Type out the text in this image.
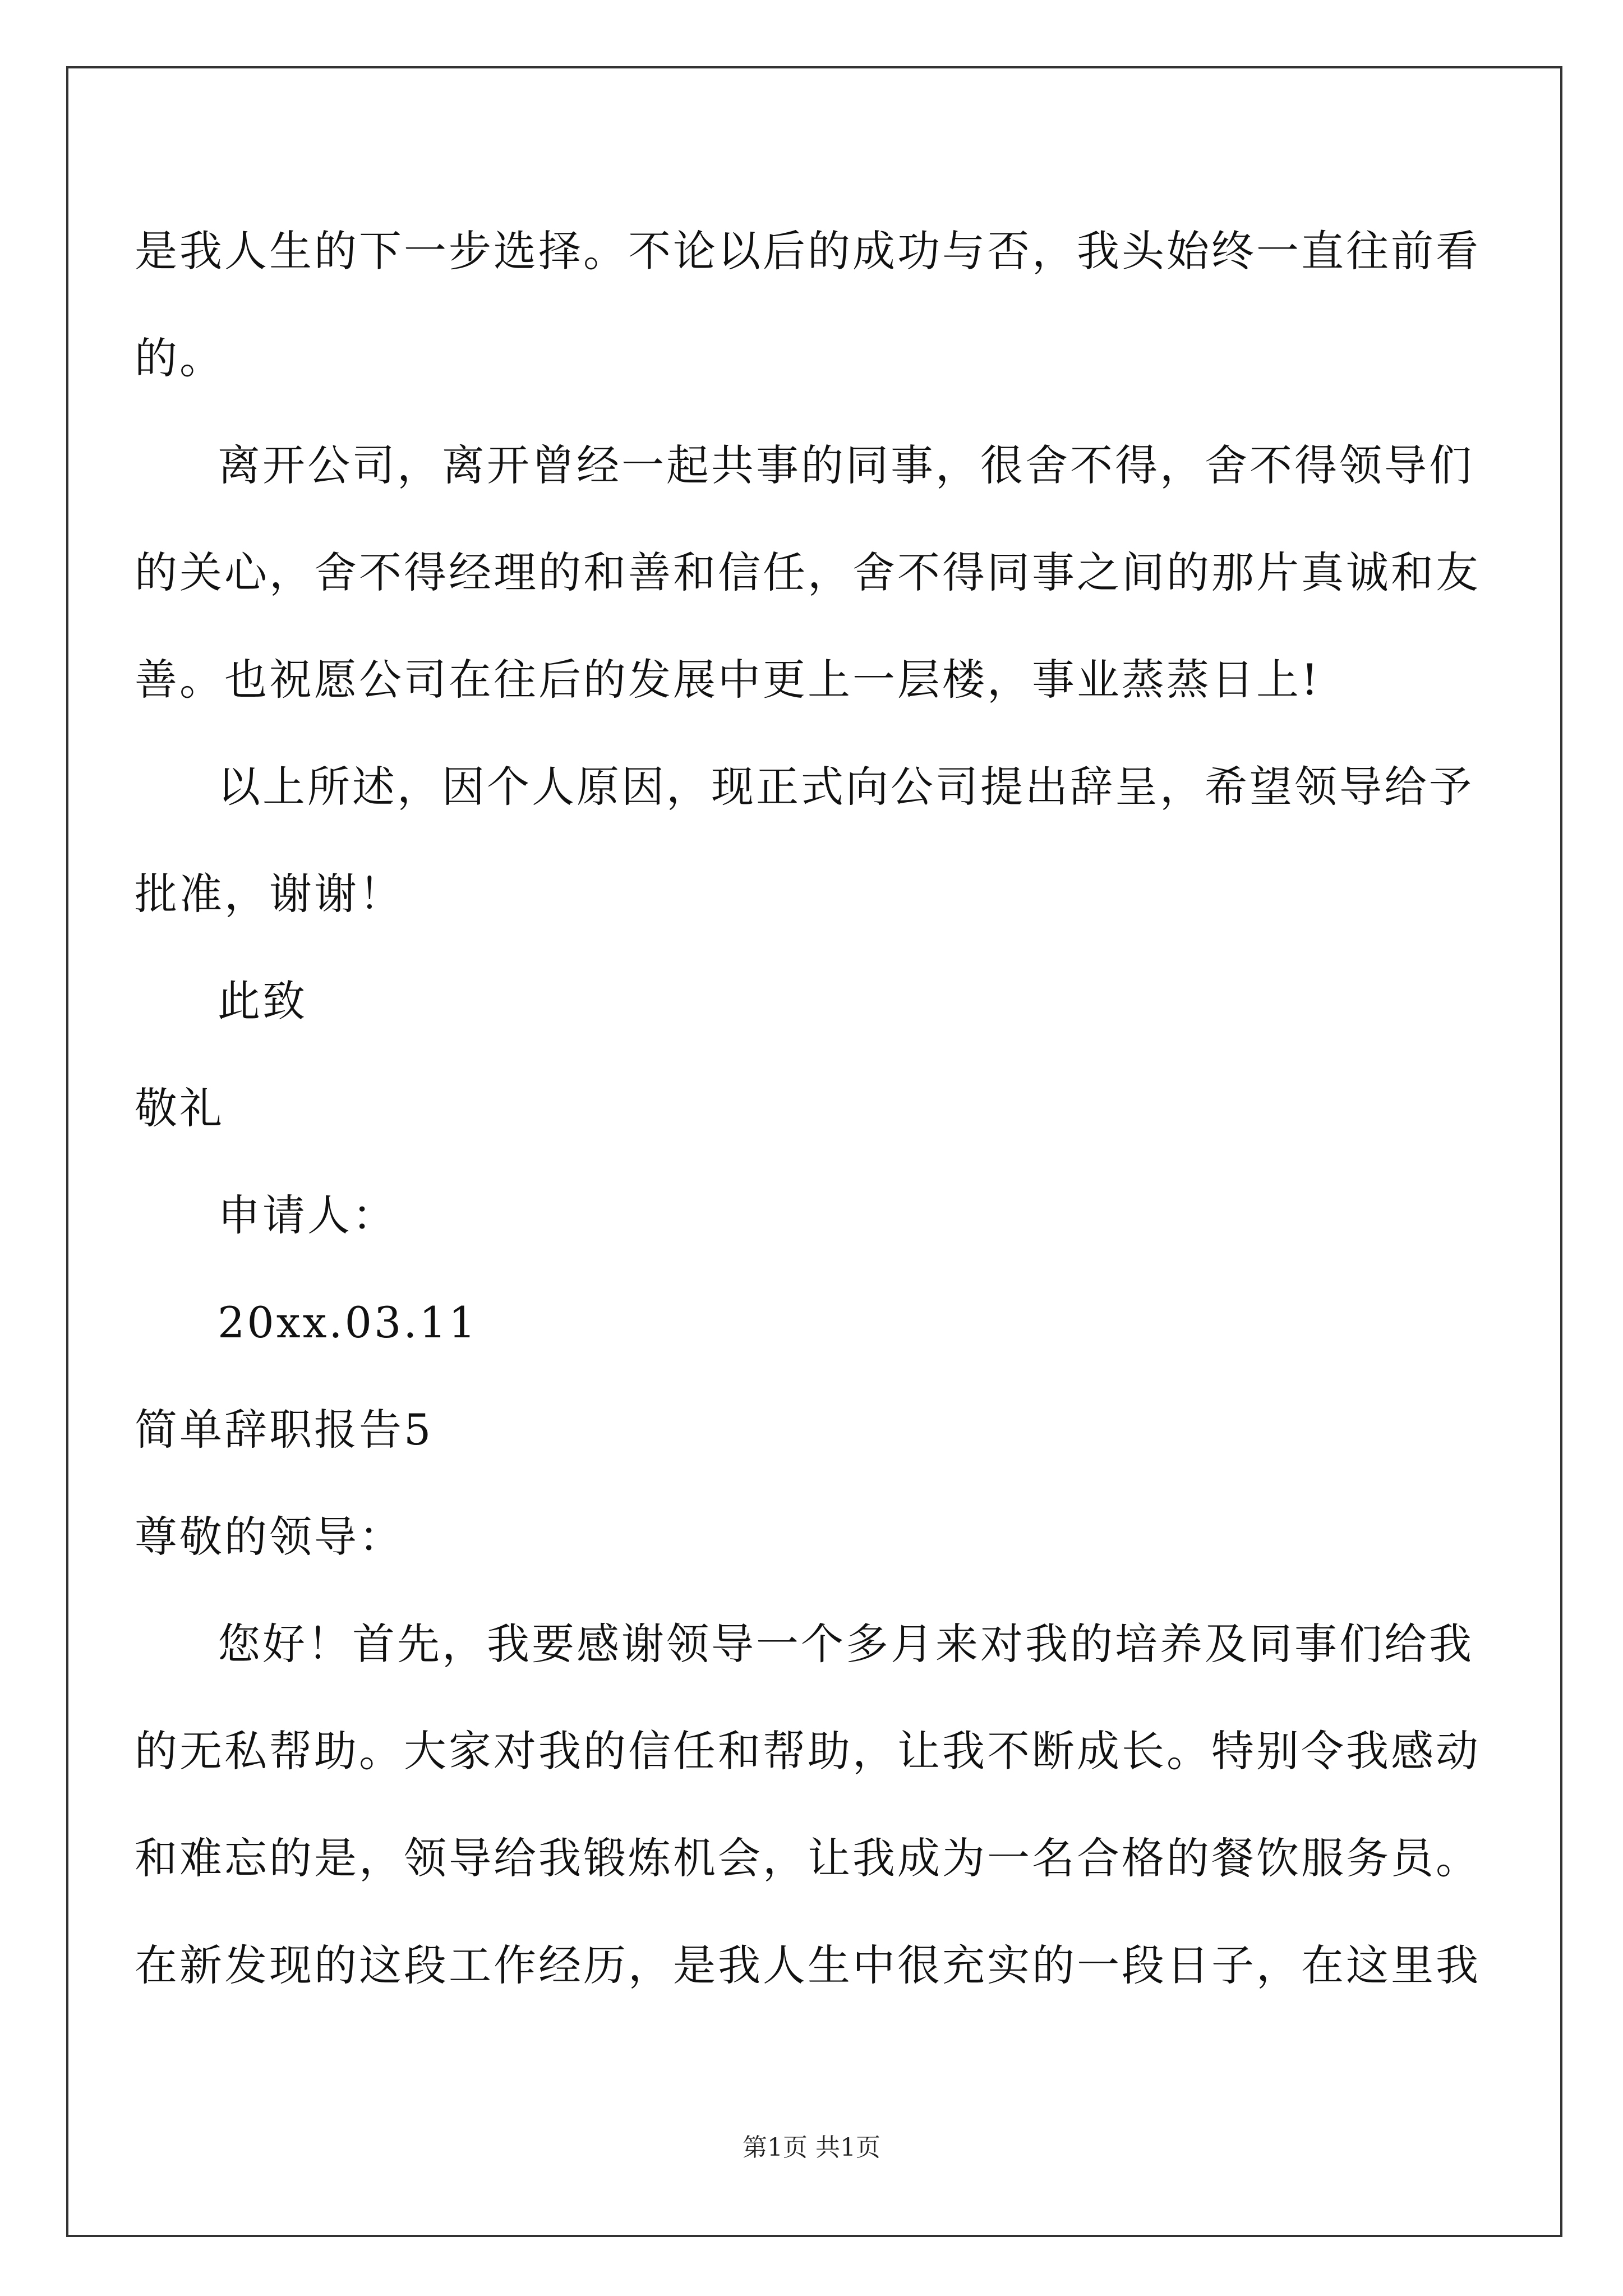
是我人生的下一步选择。不论以后的成功与否，我头始终一直往前看
的。
离开公司，离开曾经一起共事的同事，很舍不得，舍不得领导们
的关心，舍不得经理的和善和信任，舍不得同事之间的那片真诚和友
善。也祝愿公司在往后的发展中更上一层楼，事业蒸蒸日上!
以上所述，因个人原因，现正式向公司提出辞呈，希望领导给予
批准，谢谢！
此致
敬礼
申请人：
20xx.03.11
简单辞职报告5
尊敬的领导：
您好！首先，我要感谢领导一个多月来对我的培养及同事们给我
的无私帮助。大家对我的信任和帮助，让我不断成长。特别令我感动
和难忘的是，领导给我锻炼机会，让我成为一名合格的餐饮服务员。
在新发现的这段工作经历，是我人生中很充实的一段日子，在这里我
第1页 共1页
